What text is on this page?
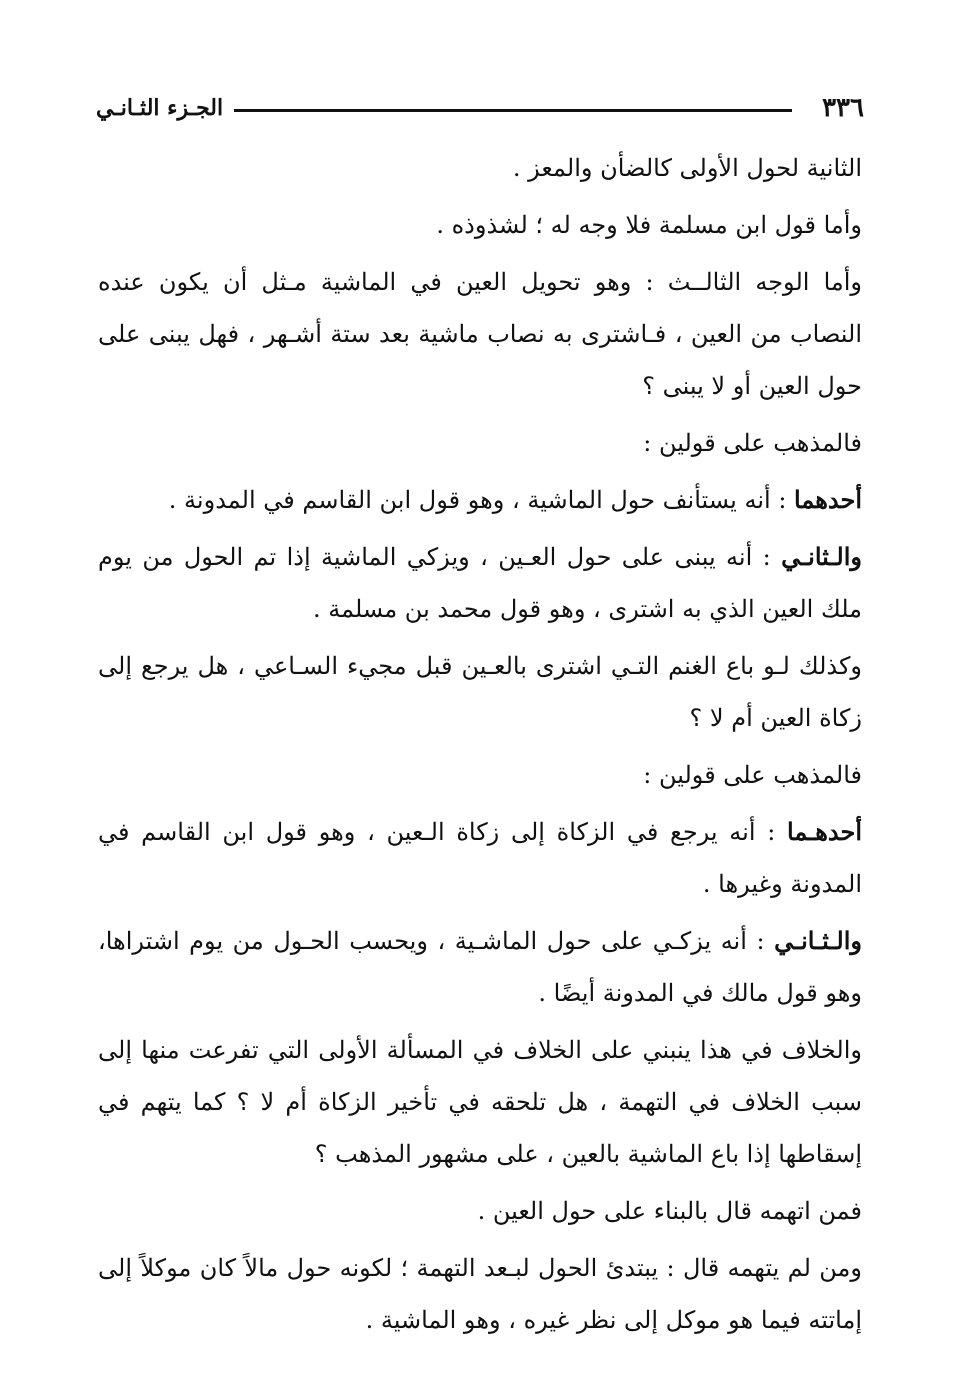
٣٣٦
الجـزء الثـانـي

الثانية لحول الأولى كالضأن والمعز .

وأما قول ابن مسلمة فلا وجه له ؛ لشذوذه .

وأما الوجه الثالــث : وهو تحويل العين في الماشية مـثل أن يكون عنده النصاب من العين ، فـاشترى به نصاب ماشية بعد ستة أشـهر ، فهل يبنى على حول العين أو لا يبنى ؟

فالمذهب على قولين :

أحدهما : أنه يستأنف حول الماشية ، وهو قول ابن القاسم في المدونة .

والـثانـي : أنه يبنى على حول العـين ، ويزكي الماشية إذا تم الحول من يوم ملك العين الذي به اشترى ، وهو قول محمد بن مسلمة .

وكذلك لـو باع الغنم التـي اشترى بالعـين قبل مجيء السـاعي ، هل يرجع إلى زكاة العين أم لا ؟

فالمذهب على قولين :

أحدهـما : أنه يرجع في الزكاة إلى زكاة الـعين ، وهو قول ابن القاسم في المدونة وغيرها .

والـثـانـي : أنه يزكـي على حول الماشـية ، ويحسب الحـول من يوم اشتراها، وهو قول مالك في المدونة أيضًا .

والخلاف في هذا ينبني على الخلاف في المسألة الأولى التي تفرعت منها إلى سبب الخلاف في التهمة ، هل تلحقه في تأخير الزكاة أم لا ؟ كما يتهم في إسقاطها إذا باع الماشية بالعين ، على مشهور المذهب ؟

فمن اتهمه قال بالبناء على حول العين .

ومن لم يتهمه قال : يبتدئ الحول لبـعد التهمة ؛ لكونه حول مالاً كان موكلاً إلى إماتته فيما هو موكل إلى نظر غيره ، وهو الماشية .
